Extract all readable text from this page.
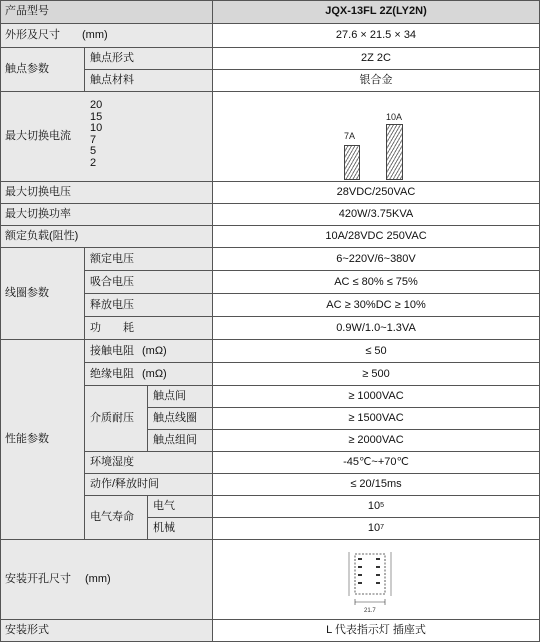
产品型号	JQX-13FL 2Z(LY2N)
外形及尺寸 (mm)	27.6 × 21.5 × 34
触点参数
触点形式	2Z 2C
触点材料	银合金
最大切换电流
20
15
10
7
5
2
7A
10A
最大切换电压	28VDC/250VAC
最大切换功率	420W/3.75KVA
额定负载(阻性)	10A/28VDC 250VAC
线圈参数
额定电压	6~220V/6~380V
吸合电压	AC ≤ 80% ≤ 75%
释放电压	AC ≥ 30%DC ≥ 10%
功　　耗	0.9W/1.0~1.3VA
性能参数
接触电阻 (mΩ)	≤ 50
绝缘电阻 (mΩ)	≥ 500
介质耐压
触点间	≥ 1000VAC
触点线圈	≥ 1500VAC
触点组间	≥ 2000VAC
环境湿度	-45℃~+70℃
动作/释放时间	≤ 20/15ms
电气寿命
电气	10 5
机械	10 7
安装开孔尺寸 (mm)
21.7
安装形式	L 代表指示灯 插座式
